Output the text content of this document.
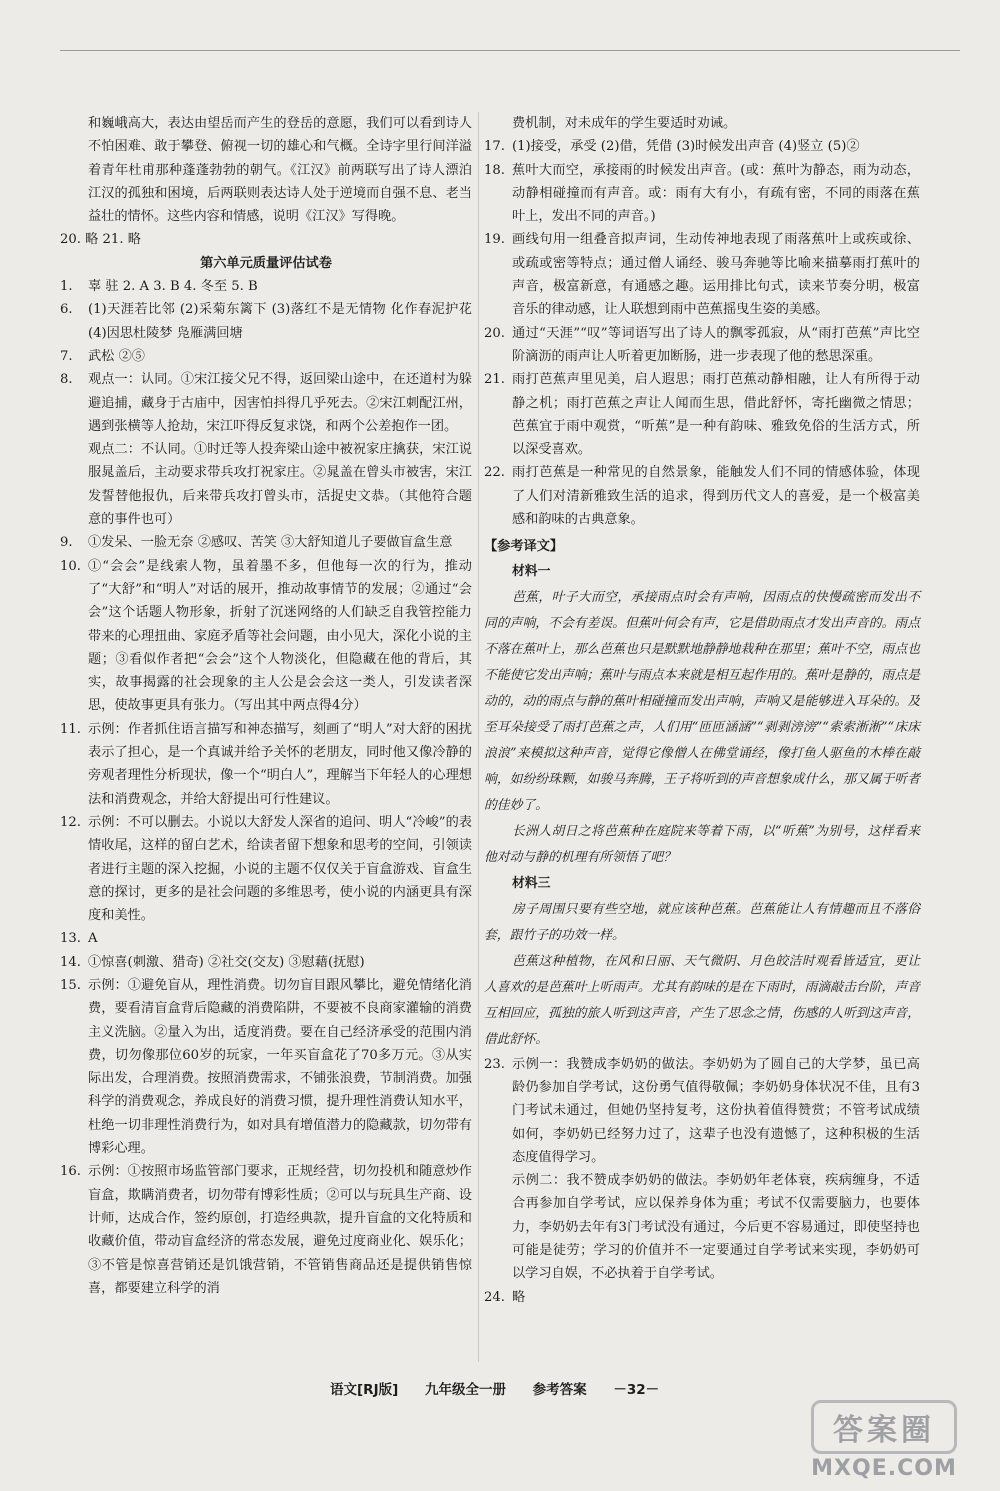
和巍峨高大，表达由望岳而产生的登岳的意愿，我们可以看到诗人不怕困难、敢于攀登、俯视一切的雄心和气概。全诗字里行间洋溢着青年杜甫那种蓬蓬勃勃的朝气。《江汉》前两联写出了诗人漂泊江汉的孤独和困境，后两联则表达诗人处于逆境而自强不息、老当益壮的情怀。这些内容和情感，说明《江汉》写得晚。

20. 略 21. 略

第六单元质量评估试卷

1.	辜 驻 2. A 3. B 4. 冬至 5. B
6.	(1)天涯若比邻 (2)采菊东篱下 (3)落红不是无情物 化作春泥护花 (4)因思杜陵梦 凫雁满回塘
7.	武松 ②⑤
8.	观点一：认同。①宋江接父兄不得，返回梁山途中，在还道村为躲避追捕，藏身于古庙中，因害怕抖得几乎死去。②宋江刺配江州，遇到张横等人抢劫，宋江吓得反复求饶，和两个公差抱作一团。
观点二：不认同。①时迁等人投奔梁山途中被祝家庄擒获，宋江说服晁盖后，主动要求带兵攻打祝家庄。②晁盖在曾头市被害，宋江发誓替他报仇，后来带兵攻打曾头市，活捉史文恭。（其他符合题意的事件也可）
9.	①发呆、一脸无奈 ②感叹、苦笑 ③大舒知道儿子要做盲盒生意
10. ①“会会”是线索人物，虽着墨不多，但他每一次的行为，推动了“大舒”和“明人”对话的展开，推动故事情节的发展；②通过“会会”这个话题人物形象，折射了沉迷网络的人们缺乏自我管控能力带来的心理扭曲、家庭矛盾等社会问题，由小见大，深化小说的主题；③看似作者把“会会”这个人物淡化，但隐藏在他的背后，其实，故事揭露的社会现象的主人公是会会这一类人，引发读者深思，使故事更具有张力。（写出其中两点得4分）
11. 示例：作者抓住语言描写和神态描写，刻画了“明人”对大舒的困扰表示了担心，是一个真诚并给予关怀的老朋友，同时他又像冷静的旁观者理性分析现状，像一个“明白人”，理解当下年轻人的心理想法和消费观念，并给大舒提出可行性建议。
12. 示例：不可以删去。小说以大舒发人深省的追问、明人“冷峻”的表情收尾，这样的留白艺术，给读者留下想象和思考的空间，引领读者进行主题的深入挖掘，小说的主题不仅仅关于盲盒游戏、盲盒生意的探讨，更多的是社会问题的多维思考，使小说的内涵更具有深度和美性。
13. A
14. ①惊喜(刺激、猎奇) ②社交(交友) ③慰藉(抚慰)
15. 示例：①避免盲从，理性消费。切勿盲目跟风攀比，避免情绪化消费，要看清盲盒背后隐藏的消费陷阱，不要被不良商家灌输的消费主义洗脑。②量入为出，适度消费。要在自己经济承受的范围内消费，切勿像那位60岁的玩家，一年买盲盒花了70多万元。③从实际出发，合理消费。按照消费需求，不铺张浪费，节制消费。加强科学的消费观念，养成良好的消费习惯，提升理性消费认知水平，杜绝一切非理性消费行为，如对具有增值潜力的隐藏款，切勿带有博彩心理。
16. 示例：①按照市场监管部门要求，正规经营，切勿投机和随意炒作盲盒，欺瞒消费者，切勿带有博彩性质；②可以与玩具生产商、设计师，达成合作，签约原创，打造经典款，提升盲盒的文化特质和收藏价值，带动盲盒经济的常态发展，避免过度商业化、娱乐化；③不管是惊喜营销还是饥饿营销，不管销售商品还是提供销售惊喜，都要建立科学的消

费机制，对未成年的学生要适时劝诫。

17. (1)接受，承受 (2)借，凭借 (3)时候发出声音 (4)竖立 (5)②
18. 蕉叶大而空，承接雨的时候发出声音。(或：蕉叶为静态，雨为动态，动静相碰撞而有声音。或：雨有大有小，有疏有密，不同的雨落在蕉叶上，发出不同的声音。)
19. 画线句用一组叠音拟声词，生动传神地表现了雨落蕉叶上或疾或徐、或疏或密等特点；通过僧人诵经、骏马奔驰等比喻来描摹雨打蕉叶的声音，极富新意，有通感之趣。运用排比句式，读来节奏分明，极富音乐的律动感，让人联想到雨中芭蕉摇曳生姿的美感。
20. 通过“天涯”“叹”等词语写出了诗人的飘零孤寂，从“雨打芭蕉”声比空阶滴沥的雨声让人听着更加断肠，进一步表现了他的愁思深重。
21. 雨打芭蕉声里见美，启人遐思；雨打芭蕉动静相融，让人有所得于动静之机；雨打芭蕉之声让人闻而生思，借此舒怀，寄托幽微之情思；芭蕉宜于雨中观赏，“听蕉”是一种有韵味、雅致免俗的生活方式，所以深受喜欢。
22. 雨打芭蕉是一种常见的自然景象，能触发人们不同的情感体验，体现了人们对清新雅致生活的追求，得到历代文人的喜爱，是一个极富美感和韵味的古典意象。

【参考译文】

材料一

芭蕉，叶子大而空，承接雨点时会有声响，因雨点的快慢疏密而发出不同的声响，不会有差误。但蕉叶何会有声，它是借助雨点才发出声音的。雨点不落在蕉叶上，那么芭蕉也只是默默地静静地栽种在那里；蕉叶不空，雨点也不能使它发出声响；蕉叶与雨点本来就是相互起作用的。蕉叶是静的，雨点是动的，动的雨点与静的蕉叶相碰撞而发出声响，声响又是能够进入耳朵的。及至耳朵接受了雨打芭蕉之声，人们用“匝匝涵涵”“剥剥滂滂”“索索淅淅”“床床浪浪”来模拟这种声音，觉得它像僧人在佛堂诵经，像打鱼人驱鱼的木棒在敲响，如纷纷珠颗，如骏马奔腾，王子将听到的声音想象成什么，那又属于听者的佳妙了。

长洲人胡日之将芭蕉种在庭院来等着下雨，以“听蕉”为别号，这样看来他对动与静的机理有所领悟了吧？

材料三

房子周围只要有些空地，就应该种芭蕉。芭蕉能让人有情趣而且不落俗套，跟竹子的功效一样。

芭蕉这种植物，在风和日丽、天气微阴、月色皎洁时观看皆适宜，更让人喜欢的是芭蕉叶上听雨声。尤其有韵味的是在下雨时，雨滴敲击台阶，声音互相回应，孤独的旅人听到这声音，产生了思念之情，伤感的人听到这声音，借此舒怀。

23. 示例一：我赞成李奶奶的做法。李奶奶为了圆自己的大学梦，虽已高龄仍参加自学考试，这份勇气值得敬佩；李奶奶身体状况不佳，且有3门考试未通过，但她仍坚持复考，这份执着值得赞赏；不管考试成绩如何，李奶奶已经努力过了，这辈子也没有遗憾了，这种积极的生活态度值得学习。
示例二：我不赞成李奶奶的做法。李奶奶年老体衰，疾病缠身，不适合再参加自学考试，应以保养身体为重；考试不仅需要脑力，也要体力，李奶奶去年有3门考试没有通过，今后更不容易通过，即使坚持也可能是徒劳；学习的价值并不一定要通过自学考试来实现，李奶奶可以学习自娱，不必执着于自学考试。
24. 略
语文[RJ版] 九年级全一册 参考答案 －32－
答案圈
MXQE.COM
